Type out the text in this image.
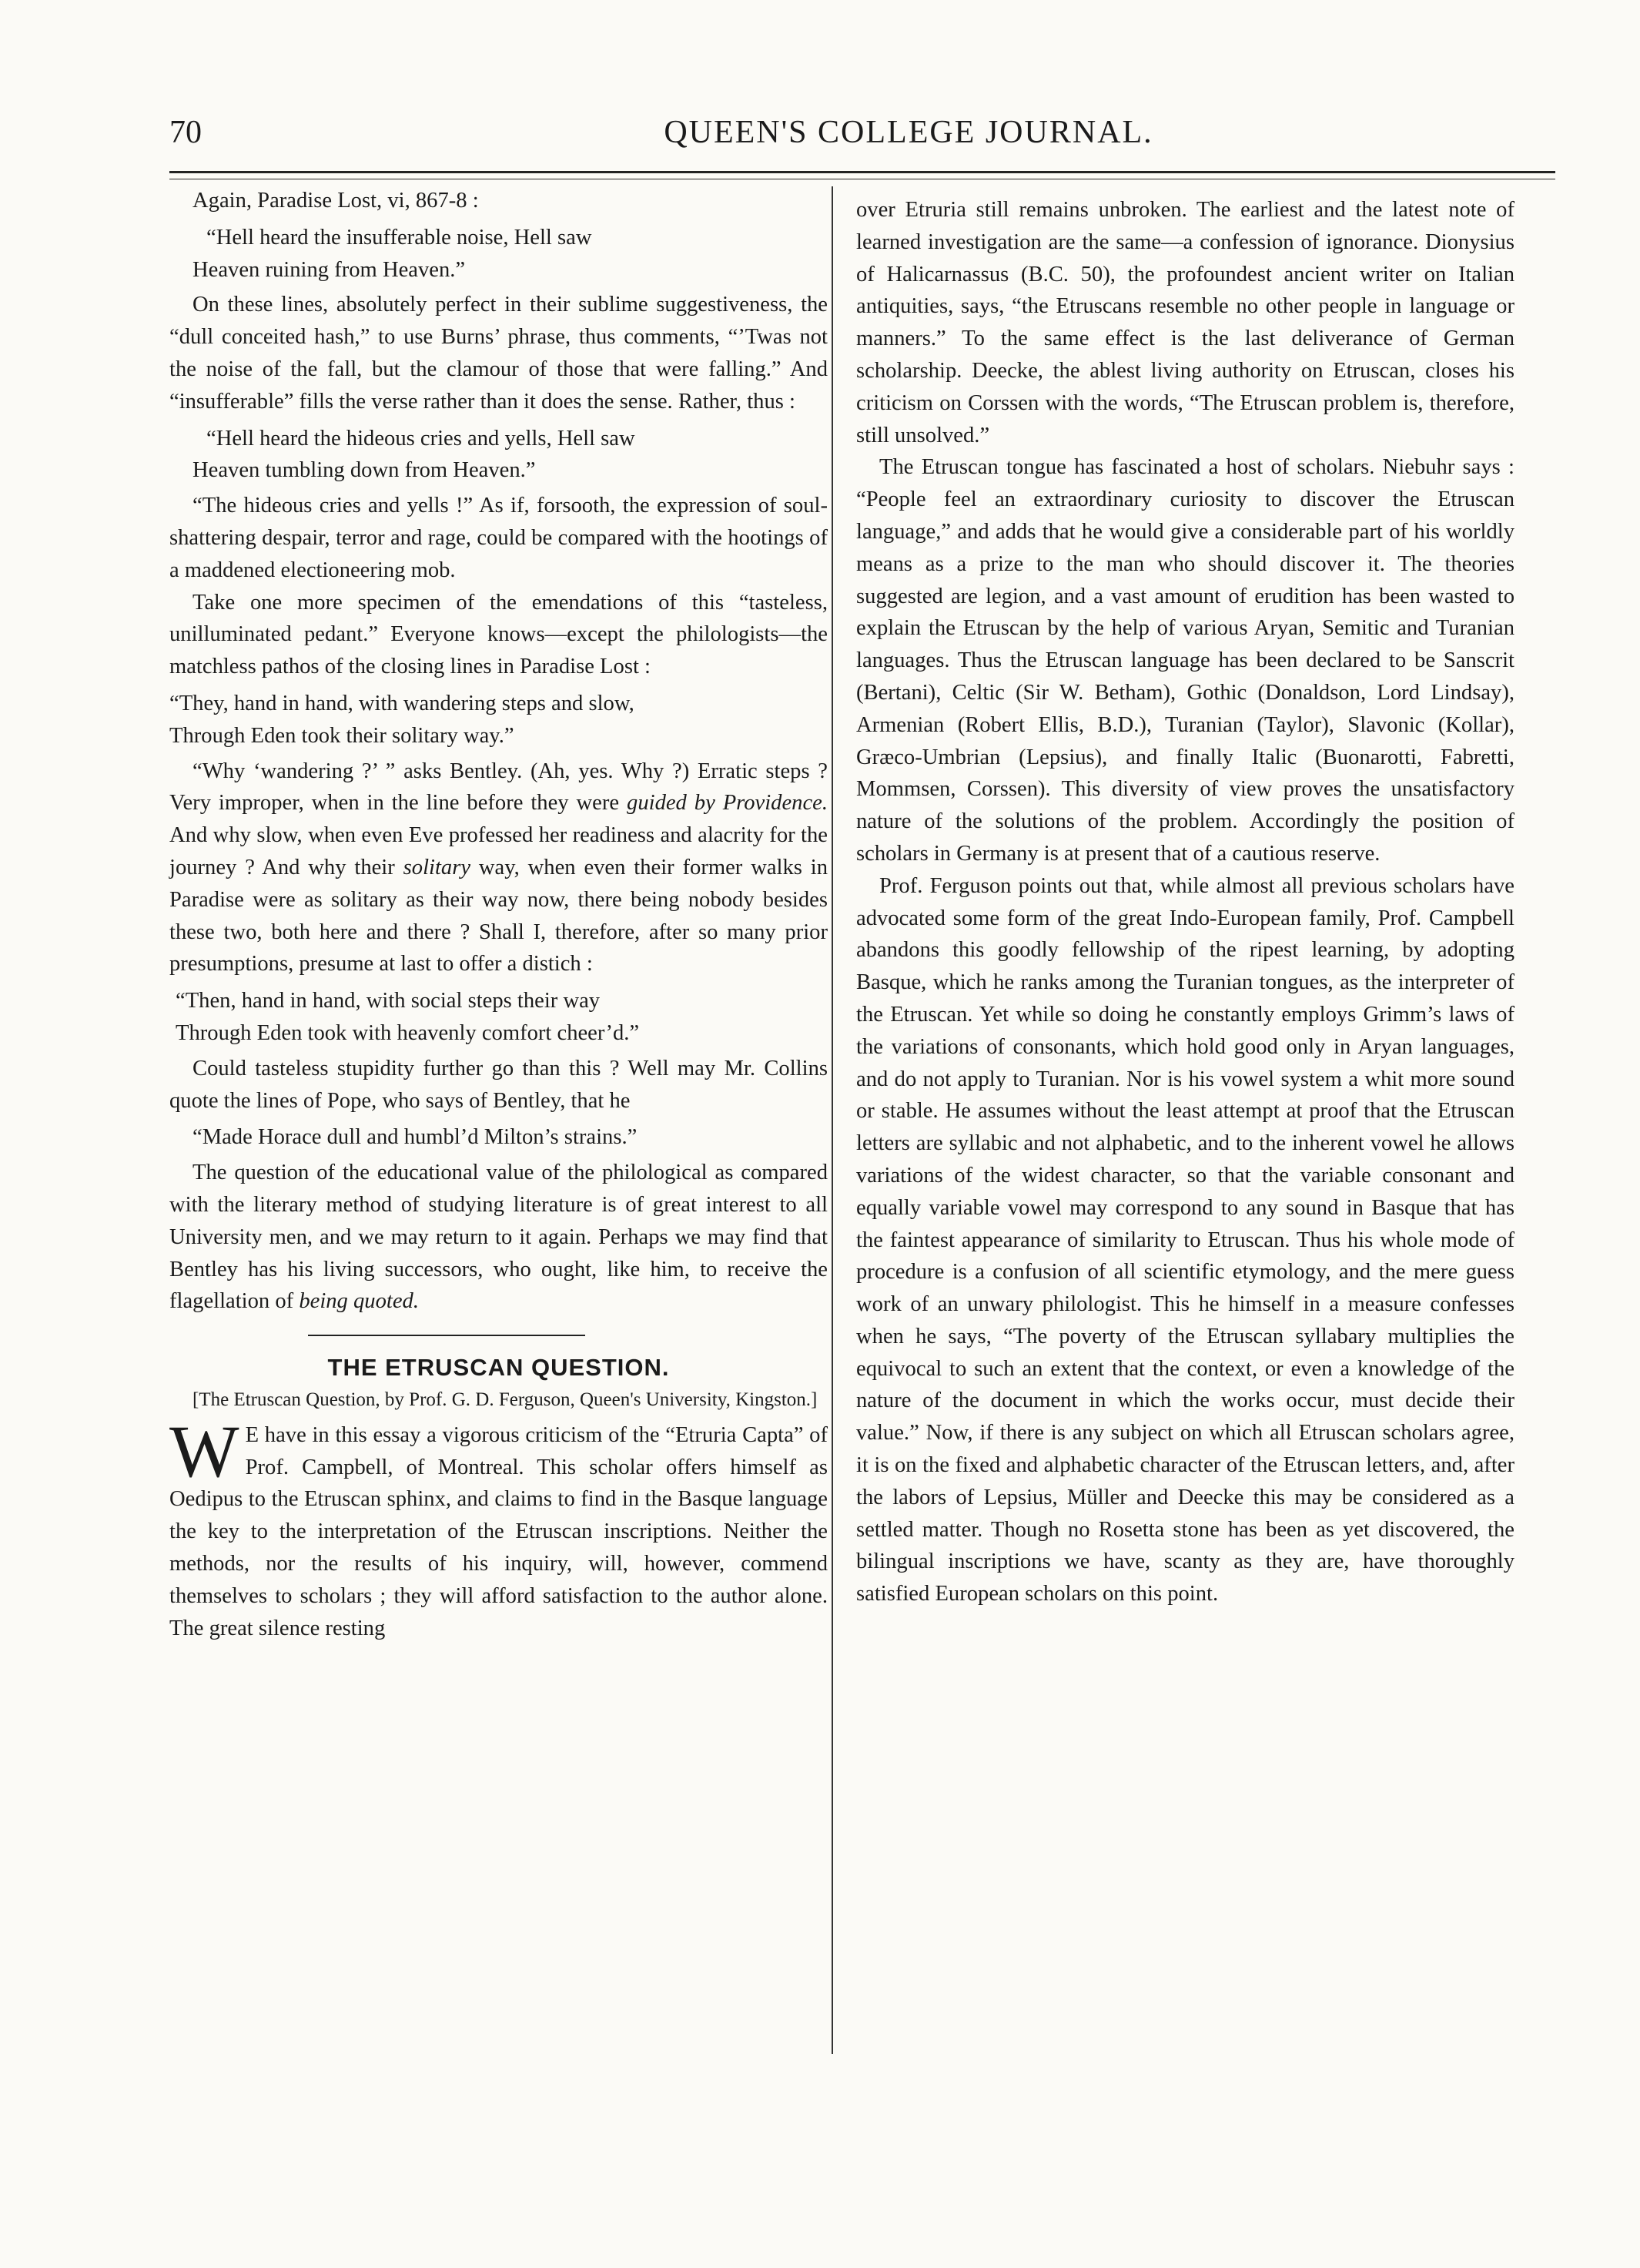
70	QUEEN'S COLLEGE JOURNAL.

Again, Paradise Lost, vi, 867-8 :

“Hell heard the insufferable noise, Hell saw
Heaven ruining from Heaven.”

On these lines, absolutely perfect in their sublime suggestiveness, the “dull conceited hash,” to use Burns’ phrase, thus comments, “’Twas not the noise of the fall, but the clamour of those that were falling.” And “insufferable” fills the verse rather than it does the sense. Rather, thus :

“Hell heard the hideous cries and yells, Hell saw
Heaven tumbling down from Heaven.”

“The hideous cries and yells !” As if, forsooth, the expression of soul-shattering despair, terror and rage, could be compared with the hootings of a maddened electioneering mob.

Take one more specimen of the emendations of this “tasteless, unilluminated pedant.” Everyone knows—except the philologists—the matchless pathos of the closing lines in Paradise Lost :

“They, hand in hand, with wandering steps and slow,
Through Eden took their solitary way.”

“Why ‘wandering ?’ ” asks Bentley. (Ah, yes. Why ?) Erratic steps ? Very improper, when in the line before they were guided by Providence. And why slow, when even Eve professed her readiness and alacrity for the journey ? And why their solitary way, when even their former walks in Paradise were as solitary as their way now, there being nobody besides these two, both here and there ? Shall I, therefore, after so many prior presumptions, presume at last to offer a distich :

“Then, hand in hand, with social steps their way
Through Eden took with heavenly comfort cheer’d.”

Could tasteless stupidity further go than this ? Well may Mr. Collins quote the lines of Pope, who says of Bentley, that he

“Made Horace dull and humbl’d Milton’s strains.”

The question of the educational value of the philological as compared with the literary method of studying literature is of great interest to all University men, and we may return to it again. Perhaps we may find that Bentley has his living successors, who ought, like him, to receive the flagellation of being quoted.

THE ETRUSCAN QUESTION.
[The Etruscan Question, by Prof. G. D. Ferguson, Queen's University, Kingston.]

W E have in this essay a vigorous criticism of the “Etruria Capta” of Prof. Campbell, of Montreal. This scholar offers himself as Oedipus to the Etruscan sphinx, and claims to find in the Basque language the key to the interpretation of the Etruscan inscriptions. Neither the methods, nor the results of his inquiry, will, however, commend themselves to scholars ; they will afford satisfaction to the author alone. The great silence resting

over Etruria still remains unbroken. The earliest and the latest note of learned investigation are the same—a confession of ignorance. Dionysius of Halicarnassus (B.C. 50), the profoundest ancient writer on Italian antiquities, says, “the Etruscans resemble no other people in language or manners.” To the same effect is the last deliverance of German scholarship. Deecke, the ablest living authority on Etruscan, closes his criticism on Corssen with the words, “The Etruscan problem is, therefore, still unsolved.”

The Etruscan tongue has fascinated a host of scholars. Niebuhr says : “People feel an extraordinary curiosity to discover the Etruscan language,” and adds that he would give a considerable part of his worldly means as a prize to the man who should discover it. The theories suggested are legion, and a vast amount of erudition has been wasted to explain the Etruscan by the help of various Aryan, Semitic and Turanian languages. Thus the Etruscan language has been declared to be Sanscrit (Bertani), Celtic (Sir W. Betham), Gothic (Donaldson, Lord Lindsay), Armenian (Robert Ellis, B.D.), Turanian (Taylor), Slavonic (Kollar), Græco-Umbrian (Lepsius), and finally Italic (Buonarotti, Fabretti, Mommsen, Corssen). This diversity of view proves the unsatisfactory nature of the solutions of the problem. Accordingly the position of scholars in Germany is at present that of a cautious reserve.

Prof. Ferguson points out that, while almost all previous scholars have advocated some form of the great Indo-European family, Prof. Campbell abandons this goodly fellowship of the ripest learning, by adopting Basque, which he ranks among the Turanian tongues, as the interpreter of the Etruscan. Yet while so doing he constantly employs Grimm’s laws of the variations of consonants, which hold good only in Aryan languages, and do not apply to Turanian. Nor is his vowel system a whit more sound or stable. He assumes without the least attempt at proof that the Etruscan letters are syllabic and not alphabetic, and to the inherent vowel he allows variations of the widest character, so that the variable consonant and equally variable vowel may correspond to any sound in Basque that has the faintest appearance of similarity to Etruscan. Thus his whole mode of procedure is a confusion of all scientific etymology, and the mere guess work of an unwary philologist. This he himself in a measure confesses when he says, “The poverty of the Etruscan syllabary multiplies the equivocal to such an extent that the context, or even a knowledge of the nature of the document in which the works occur, must decide their value.” Now, if there is any subject on which all Etruscan scholars agree, it is on the fixed and alphabetic character of the Etruscan letters, and, after the labors of Lepsius, Müller and Deecke this may be considered as a settled matter. Though no Rosetta stone has been as yet discovered, the bilingual inscriptions we have, scanty as they are, have thoroughly satisfied European scholars on this point.
